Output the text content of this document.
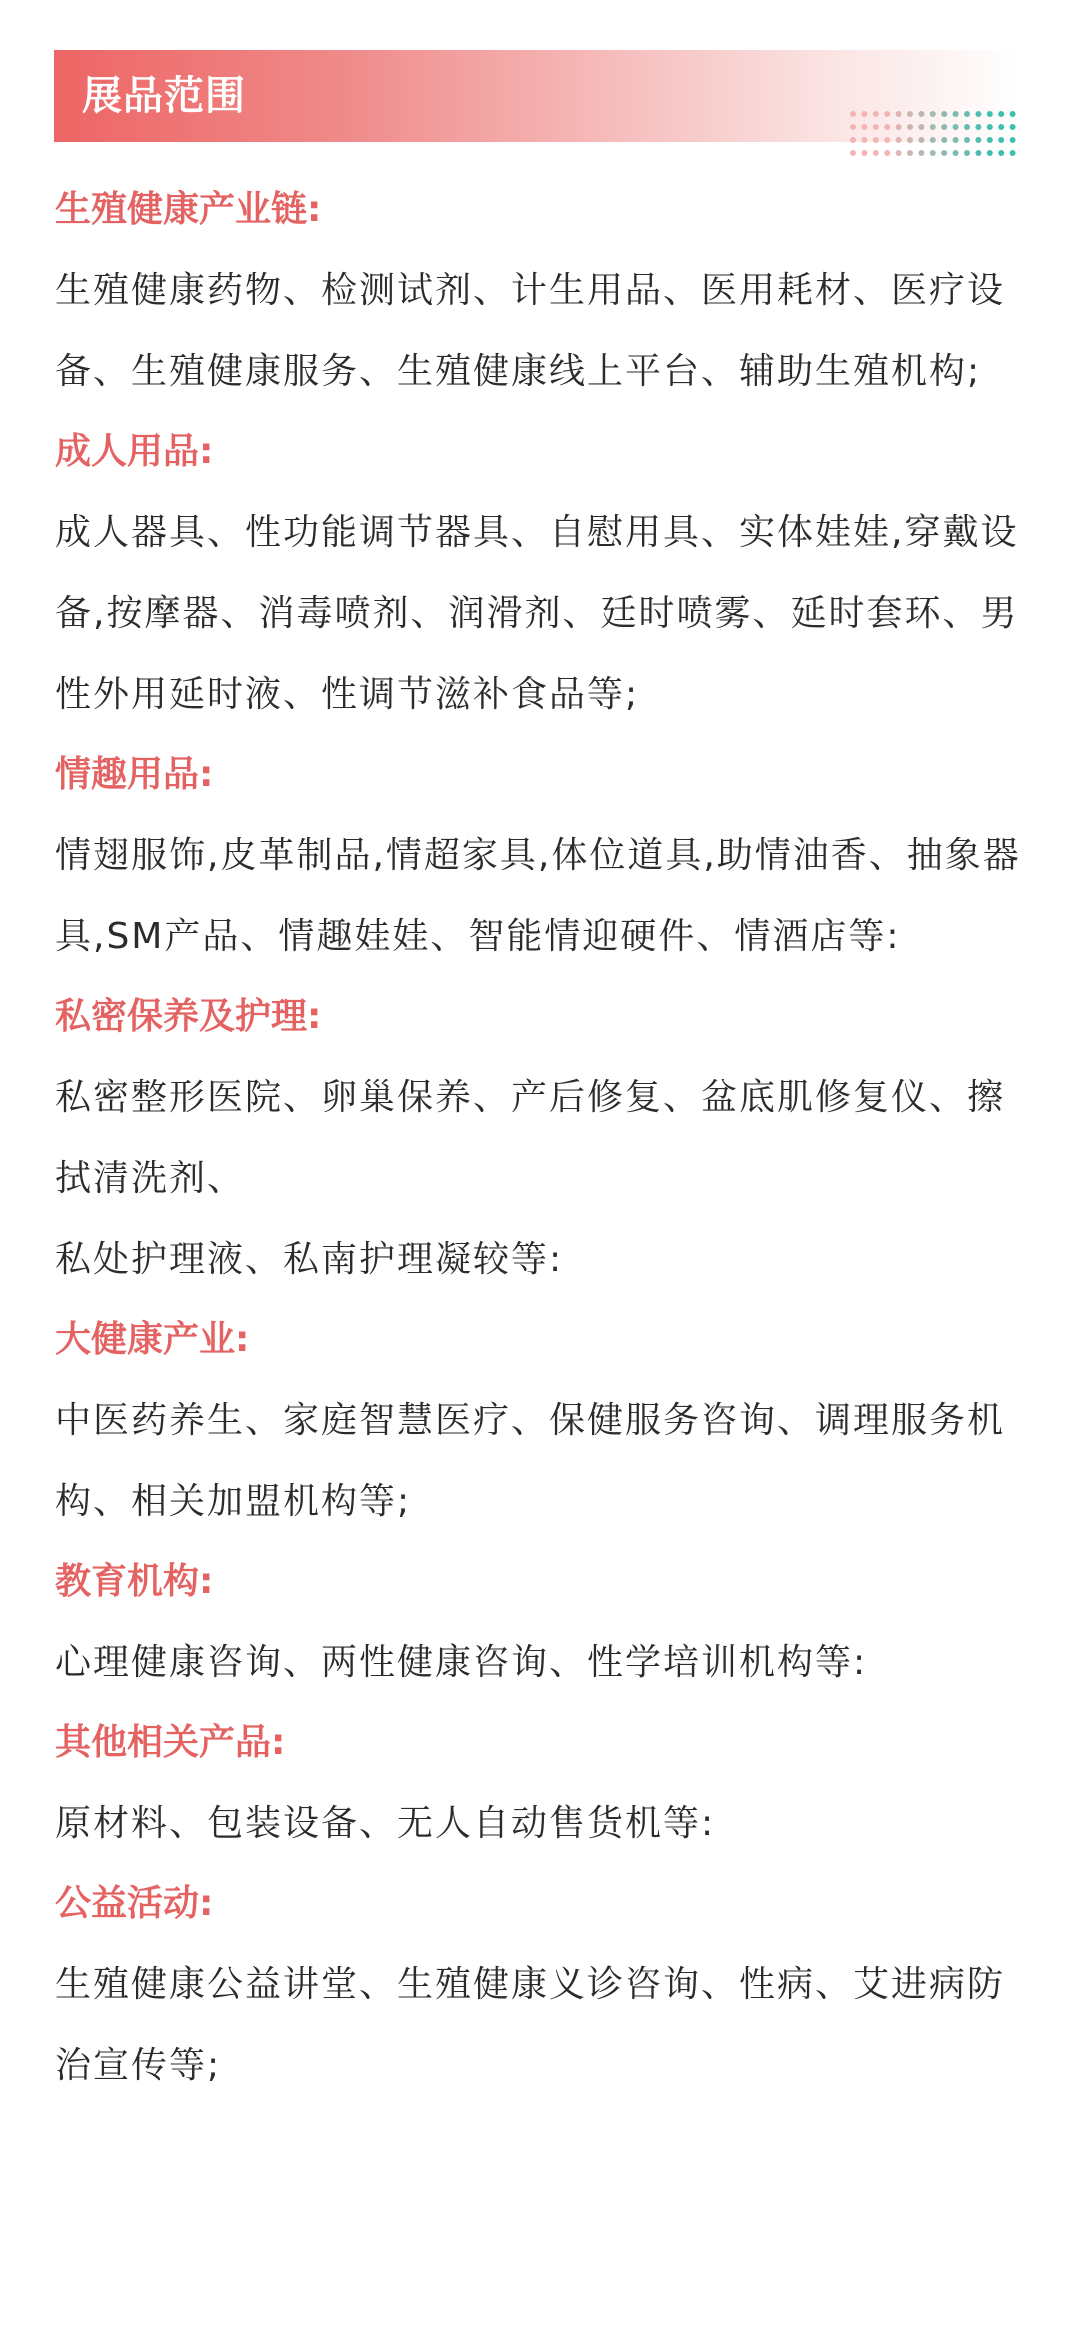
展品范围
生殖健康产业链:

生殖健康药物、检测试剂、计生用品、医用耗材、医疗设备、生殖健康服务、生殖健康线上平台、辅助生殖机构;

成人用品:

成人器具、性功能调节器具、自慰用具、实体娃娃,穿戴设备,按摩器、消毒喷剂、润滑剂、廷时喷雾、延时套环、男性外用延时液、性调节滋补食品等;

情趣用品:

情翅服饰,皮革制品,情超家具,体位道具,助情油香、抽象器具,SM产品、情趣娃娃、智能情迎硬件、情酒店等:

私密保养及护理:

私密整形医院、卵巢保养、产后修复、盆底肌修复仪、擦拭清洗剂、

私处护理液、私南护理凝较等:

大健康产业:

中医药养生、家庭智慧医疗、保健服务咨询、调理服务机构、相关加盟机构等;

教育机构:

心理健康咨询、两性健康咨询、性学培训机构等:

其他相关产品:

原材料、包装设备、无人自动售货机等:

公益活动:

生殖健康公益讲堂、生殖健康义诊咨询、性病、艾进病防治宣传等;
